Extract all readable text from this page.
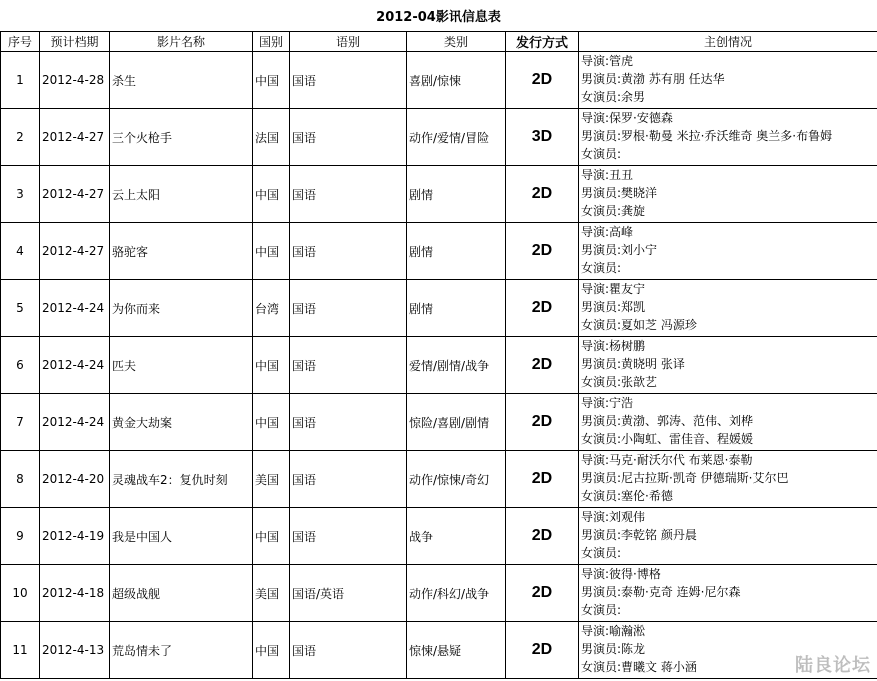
2012-04影讯信息表
序号	预计档期	影片名称	国别	语别	类别	发行方式	主创情况
1	2012-4-28	杀生	中国	国语	喜剧/惊悚	2D	导演:管虎
男演员:黄渤 苏有朋 任达华
女演员:余男

2	2012-4-27	三个火枪手	法国	国语	动作/爱情/冒险	3D	导演:保罗·安德森
男演员:罗根·勒曼 米拉·乔沃维奇 奥兰多·布鲁姆
女演员:

3	2012-4-27	云上太阳	中国	国语	剧情	2D	导演:丑丑
男演员:樊晓洋
女演员:龚旋

4	2012-4-27	骆驼客	中国	国语	剧情	2D	导演:高峰
男演员:刘小宁
女演员:

5	2012-4-24	为你而来	台湾	国语	剧情	2D	导演:瞿友宁
男演员:郑凯
女演员:夏如芝 冯源珍

6	2012-4-24	匹夫	中国	国语	爱情/剧情/战争	2D	导演:杨树鹏
男演员:黄晓明 张译
女演员:张歆艺

7	2012-4-24	黄金大劫案	中国	国语	惊险/喜剧/剧情	2D	导演:宁浩
男演员:黄渤、郭涛、范伟、刘桦
女演员:小陶虹、雷佳音、程媛媛

8	2012-4-20	灵魂战车2：复仇时刻	美国	国语	动作/惊悚/奇幻	2D	导演:马克·耐沃尔代 布莱恩·泰勒
男演员:尼古拉斯·凯奇 伊德瑞斯·艾尔巴
女演员:塞伦·希德

9	2012-4-19	我是中国人	中国	国语	战争	2D	导演:刘观伟
男演员:李乾铭 颜丹晨
女演员:

10	2012-4-18	超级战舰	美国	国语/英语	动作/科幻/战争	2D	导演:彼得·博格
男演员:泰勒·克奇 连姆·尼尔森
女演员:

11	2012-4-13	荒岛情未了	中国	国语	惊悚/悬疑	2D	导演:喻瀚淞
男演员:陈龙
女演员:曹曦文 蒋小涵	陆良论坛
